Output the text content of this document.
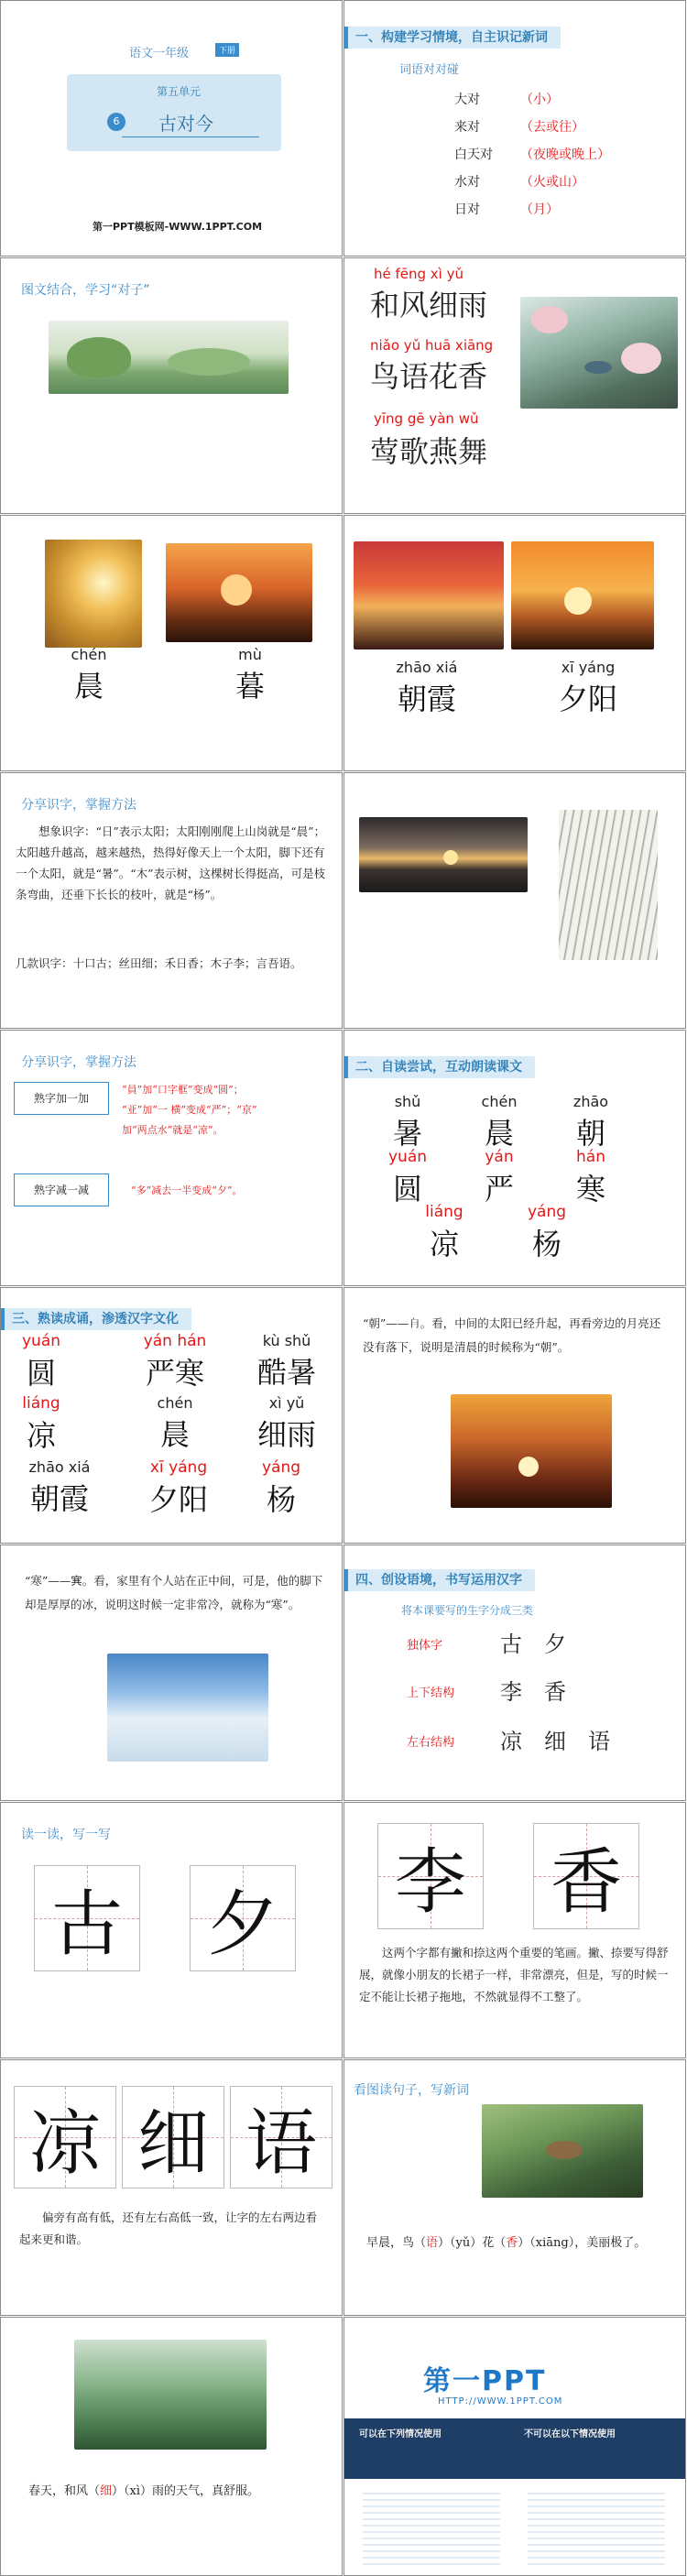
语文一年级	下册
第五单元
6	古对今
第一PPT模板网-WWW.1PPT.COM
一、构建学习情境，自主识记新词
词语对对碰
大对	（ 小 ）
来对	（ 去或往 ）
白天对	（ 夜晚或晚上 ）
水对	（ 火或山 ）
日对	（ 月 ）
图文结合，学习“对子”
hé fēng xì yǔ
和风细雨
niǎo yǔ huā xiāng
鸟语花香
yīng gē yàn wǔ
莺歌燕舞
chén
晨
mù
暮
zhāo xiá
朝霞
xī yáng
夕阳
分享识字，掌握方法
想象识字：“日”表示太阳；太阳刚刚爬上山岗就是“晨”；太阳越升越高，越来越热，热得好像天上一个太阳，脚下还有一个太阳，就是“暑”。“木”表示树，这棵树长得挺高，可是枝条弯曲，还垂下长长的枝叶，就是“杨”。
几款识字：十口古；丝田细；禾日香；木子李；言吾语。
分享识字，掌握方法
熟字加一加
“員”加“口字框”变成“圆”；
“亚”加“一 横”变成“严”；“京”
加“两点水”就是“凉”。
熟字减一减	“多”减去一半变成“夕”。
二、自读尝试，互动朗读课文
shǔ
暑
chén
晨
zhāo
朝
yuán
圆
yán
严
hán
寒
liáng
凉
yáng
杨
三、熟读成诵，渗透汉字文化
yuán
圆
yán hán
严寒
kù shǔ
酷暑
liáng
凉
chén
晨
xì yǔ
细雨
zhāo xiá
朝霞
xī yáng
夕阳
yáng
杨
“朝”——𣍝。看，中间的太阳已经升起，再看旁边的月亮还没有落下，说明是清晨的时候称为“朝”。
“寒”——𡨄。看，家里有个人站在正中间，可是，他的脚下却是厚厚的冰，说明这时候一定非常冷，就称为“寒”。
四、创设语境，书写运用汉字
将本课要写的生字分成三类
独体字	古　夕
上下结构 李　香
左右结构 凉　细　语
读一读，写一写
古 夕
李 香
这两个字都有撇和捺这两个重要的笔画。撇、捺要写得舒展，就像小朋友的长裙子一样，非常漂亮，但是，写的时候一定不能让长裙子拖地，不然就显得不工整了。
凉 细 语
偏旁有高有低，还有左右高低一致，让字的左右两边看起来更和谐。
看图读句子，写新词
早晨，鸟（语）（yǔ）花（香）（xiāng），美丽极了。
春天，和风（细）（xì）雨的天气，真舒服。
第一PPT
HTTP://WWW.1PPT.COM
可以在下列情况使用	不可以在以下情况使用
